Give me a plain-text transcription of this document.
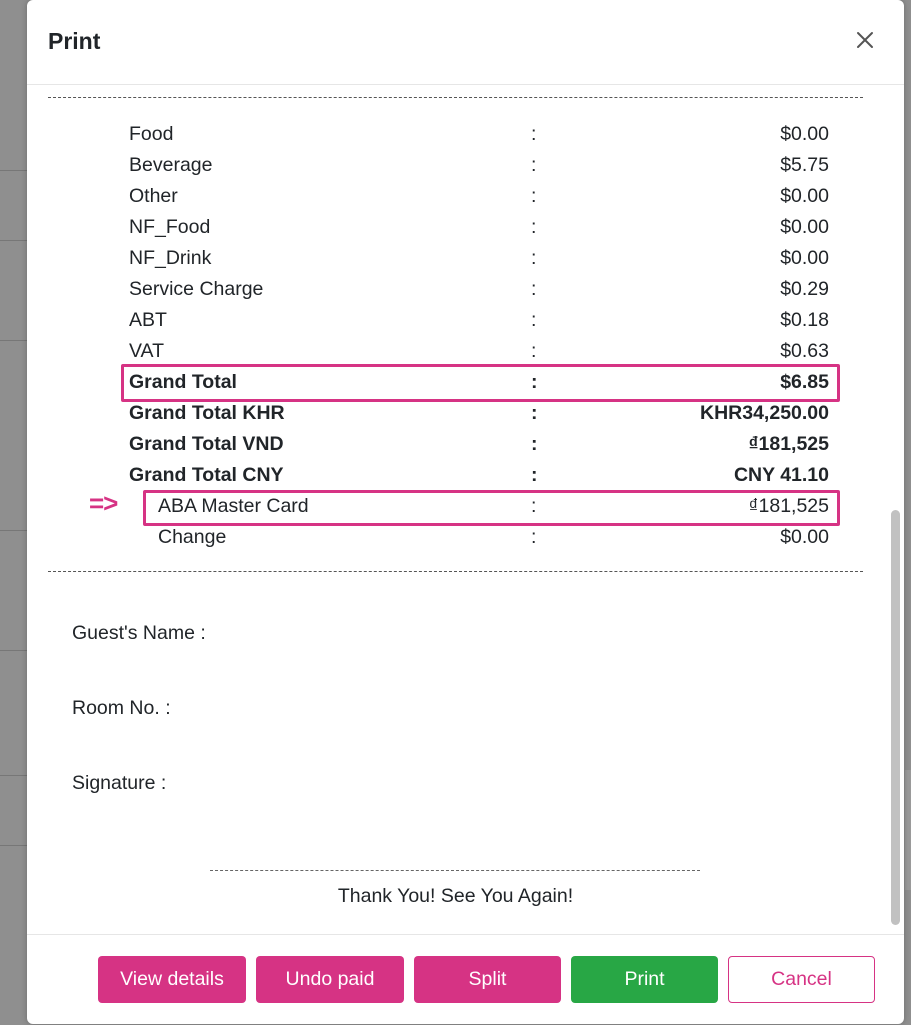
Print
Food	:	$0.00
Beverage	:	$5.75
Other	:	$0.00
NF_Food	:	$0.00
NF_Drink	:	$0.00
Service Charge	:	$0.29
ABT	:	$0.18
VAT	:	$0.63
Grand Total	:	$6.85
Grand Total KHR	:	KHR34,250.00
Grand Total VND	:	₫181,525
Grand Total CNY	:	CNY 41.10
ABA Master Card	:	₫181,525
Change	:	$0.00
=>
Guest's Name :
Room No. :
Signature :
Thank You! See You Again!
View details	Undo paid	Split	Print	Cancel
